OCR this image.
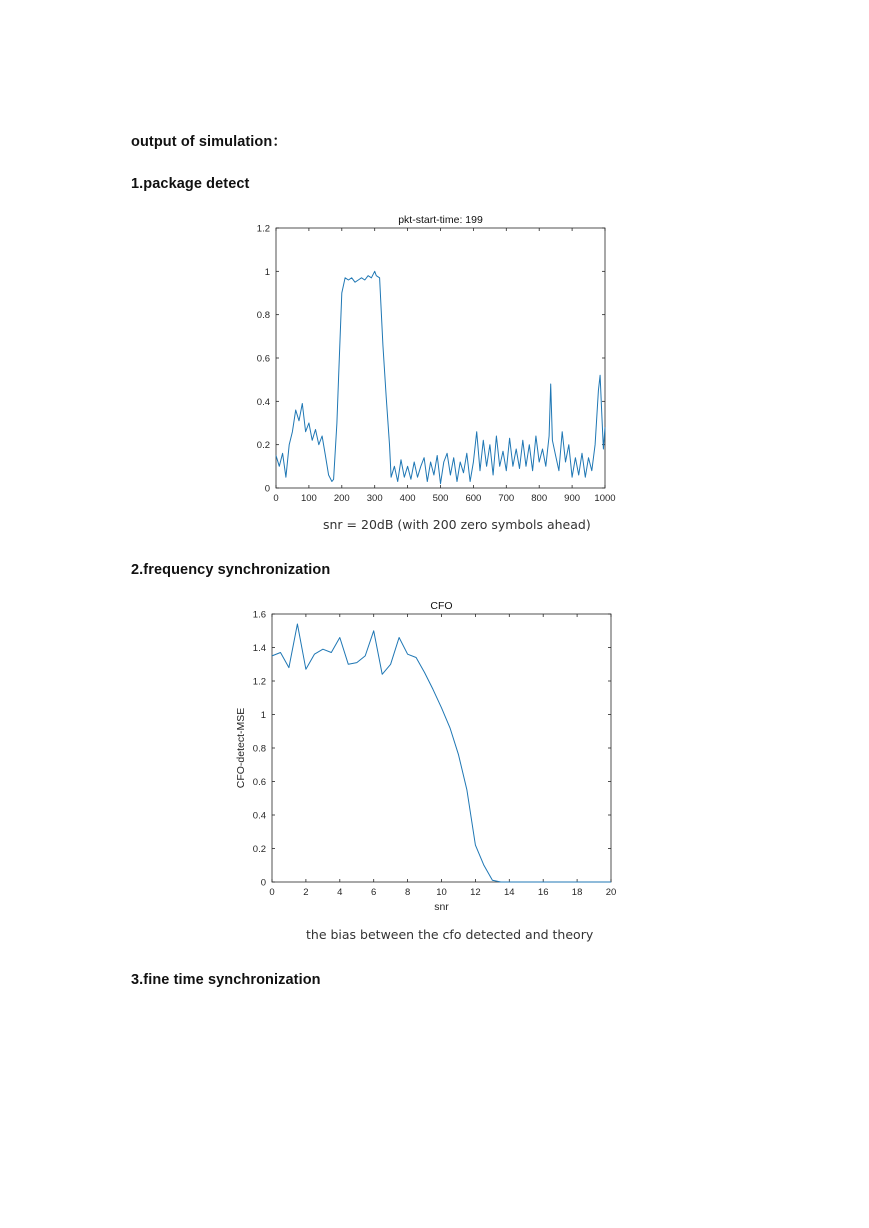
output of simulation：
1.package detect
snr = 20dB (with 200 zero symbols ahead)
2.frequency synchronization
the bias between the cfo detected and theory
3.fine time synchronization
0 100 200 300 400 500 600 700 800 900 1000
0
0.2
0.4
0.6
0.8
1
1.2
pkt-start-time: 199
0	2	4	6	8	10 12 14 16 18 20
0
0.2
0.4
0.6
0.8
1
1.2
1.4
1.6
CFO
snr
CFO-detect-MSE
